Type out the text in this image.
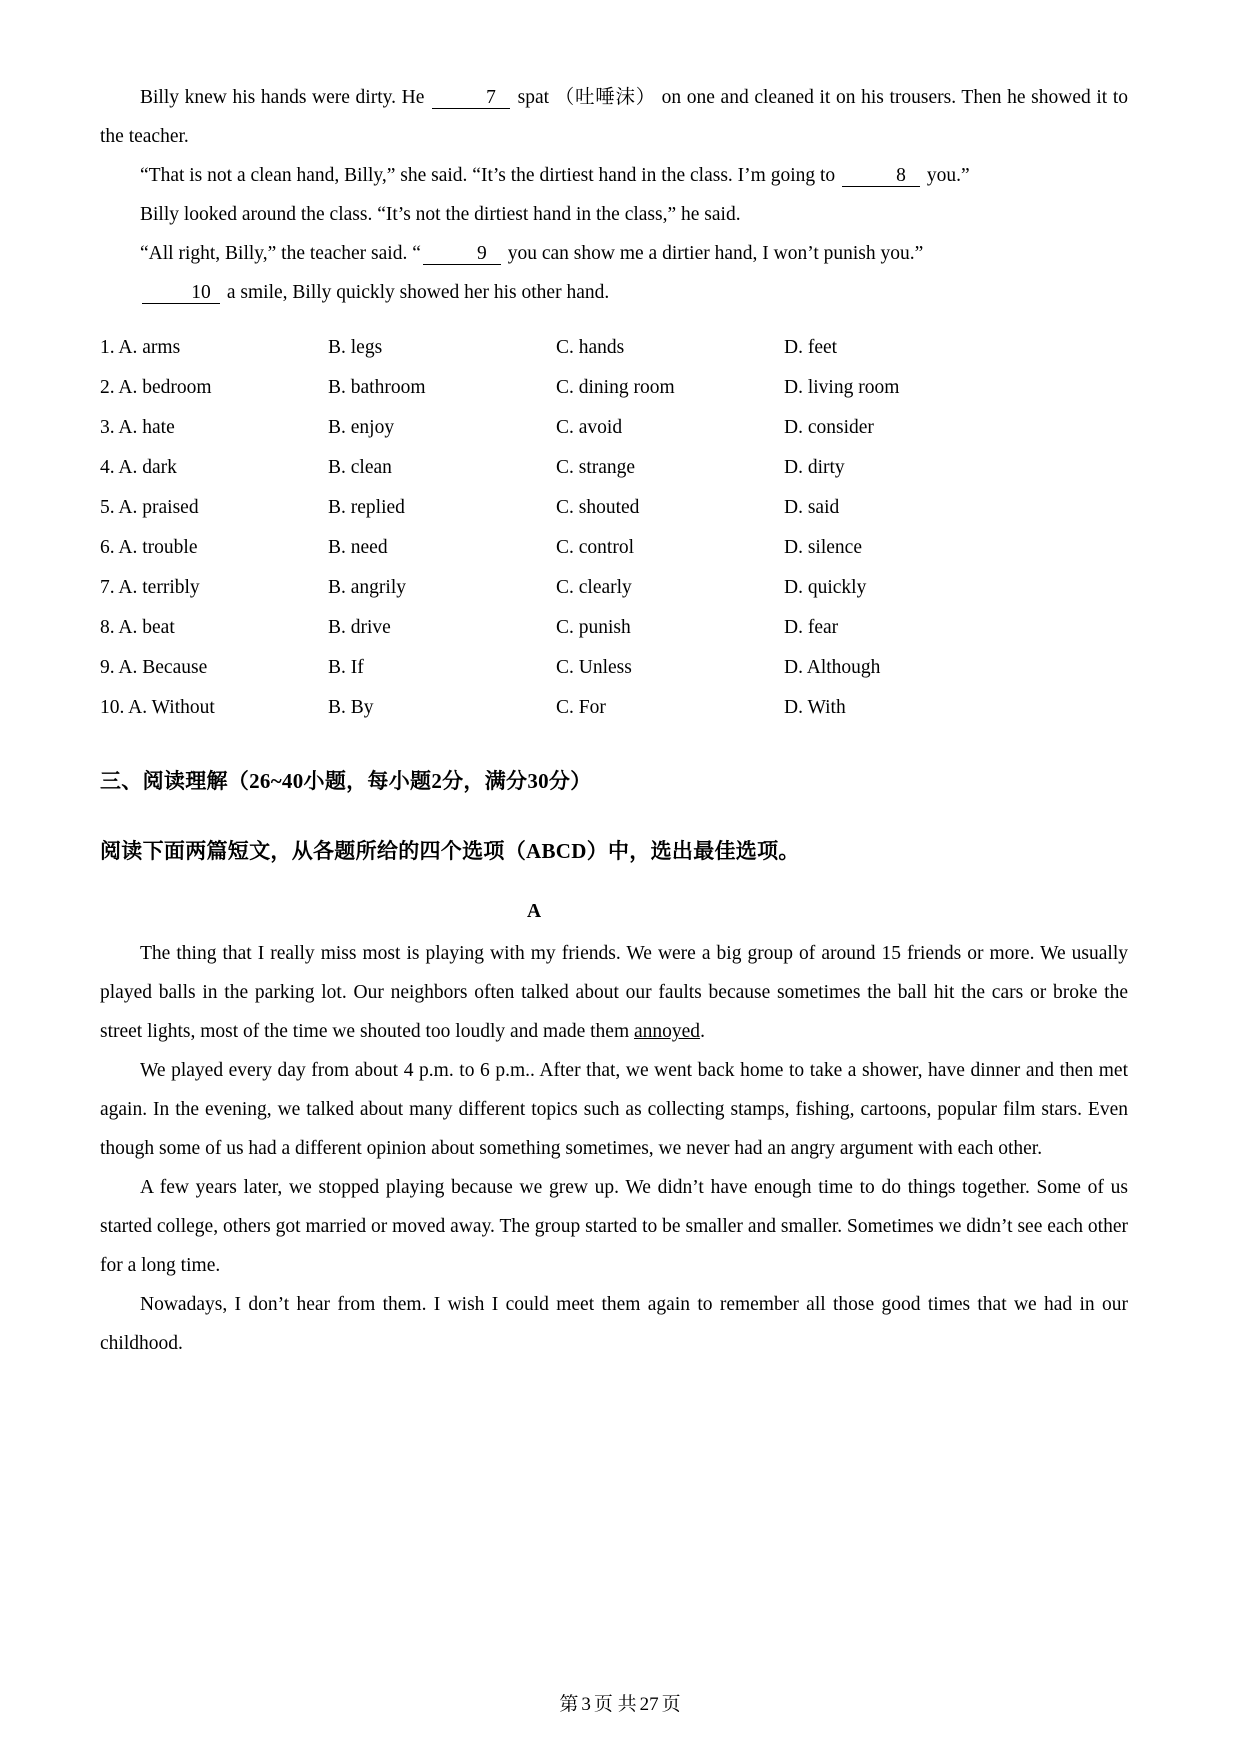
Billy knew his hands were dirty. He	7 spat （吐唾沫） on one and cleaned it on his trousers. Then he showed it to the teacher.
“That is not a clean hand, Billy,” she said. “It’s the dirtiest hand in the class. I’m going to	8 you.”
Billy looked around the class. “It’s not the dirtiest hand in the class,” he said.
“All right, Billy,” the teacher said. “	9 you can show me a dirtier hand, I won’t punish you.”
10 a smile, Billy quickly showed her his other hand.
1. A. arms	B. legs	C. hands	D. feet
2. A. bedroom	B. bathroom	C. dining room	D. living room
3. A. hate	B. enjoy	C. avoid	D. consider
4. A. dark	B. clean	C. strange	D. dirty
5. A. praised	B. replied	C. shouted	D. said
6. A. trouble	B. need	C. control	D. silence
7. A. terribly	B. angrily	C. clearly	D. quickly
8. A. beat	B. drive	C. punish	D. fear
9. A. Because	B. If	C. Unless	D. Although
10. A. Without	B. By	C. For	D. With
三、阅读理解（26~40小题，每小题2分，满分30分）
阅读下面两篇短文，从各题所给的四个选项（ABCD）中，选出最佳选项。
A
The thing that I really miss most is playing with my friends. We were a big group of around 15 friends or more. We usually played balls in the parking lot. Our neighbors often talked about our faults because sometimes the ball hit the cars or broke the street lights, most of the time we shouted too loudly and made them annoyed.
We played every day from about 4 p.m. to 6 p.m.. After that, we went back home to take a shower, have dinner and then met again. In the evening, we talked about many different topics such as collecting stamps, fishing, cartoons, popular film stars. Even though some of us had a different opinion about something sometimes, we never had an angry argument with each other.
A few years later, we stopped playing because we grew up. We didn’t have enough time to do things together. Some of us started college, others got married or moved away. The group started to be smaller and smaller. Sometimes we didn’t see each other for a long time.
Nowadays, I don’t hear from them. I wish I could meet them again to remember all those good times that we had in our childhood.
第 3 页 共 27 页
